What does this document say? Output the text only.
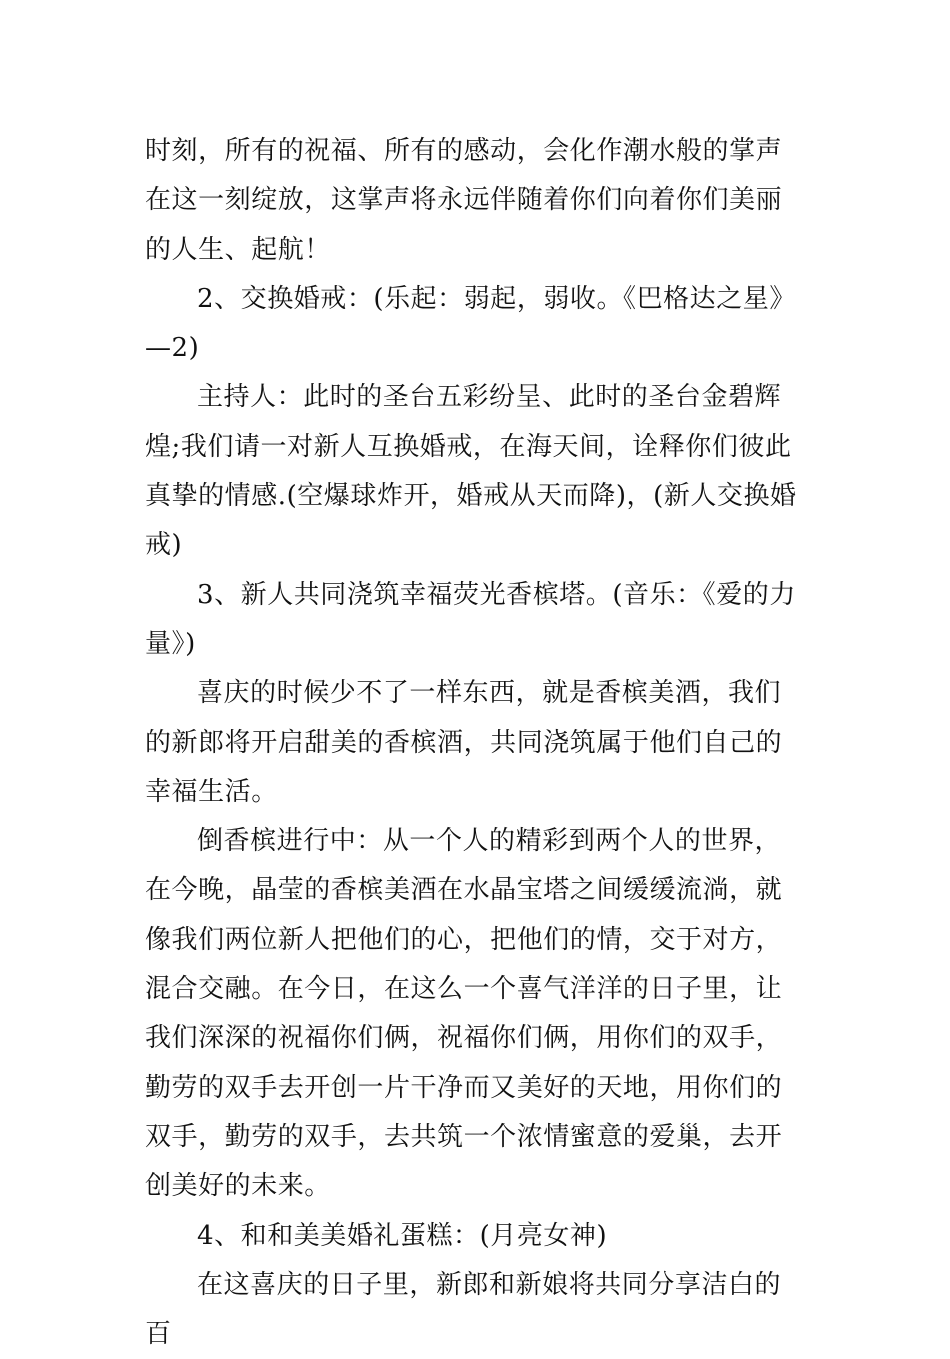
时刻，所有的祝福、所有的感动，会化作潮水般的掌声在这一刻绽放，这掌声将永远伴随着你们向着你们美丽的人生、起航！

2、交换婚戒：(乐起：弱起，弱收。《巴格达之星》—2)

主持人：此时的圣台五彩纷呈、此时的圣台金碧辉煌;我们请一对新人互换婚戒，在海天间，诠释你们彼此真挚的情感.(空爆球炸开，婚戒从天而降)，(新人交换婚戒)

3、新人共同浇筑幸福荧光香槟塔。(音乐：《爱的力量》)

喜庆的时候少不了一样东西，就是香槟美酒，我们的新郎将开启甜美的香槟酒，共同浇筑属于他们自己的幸福生活。

倒香槟进行中：从一个人的精彩到两个人的世界，在今晚，晶莹的香槟美酒在水晶宝塔之间缓缓流淌，就像我们两位新人把他们的心，把他们的情，交于对方，混合交融。在今日，在这么一个喜气洋洋的日子里，让我们深深的祝福你们俩，祝福你们俩，用你们的双手，勤劳的双手去开创一片干净而又美好的天地，用你们的双手，勤劳的双手，去共筑一个浓情蜜意的爱巢，去开创美好的未来。

4、和和美美婚礼蛋糕：(月亮女神)

在这喜庆的日子里，新郎和新娘将共同分享洁白的百
